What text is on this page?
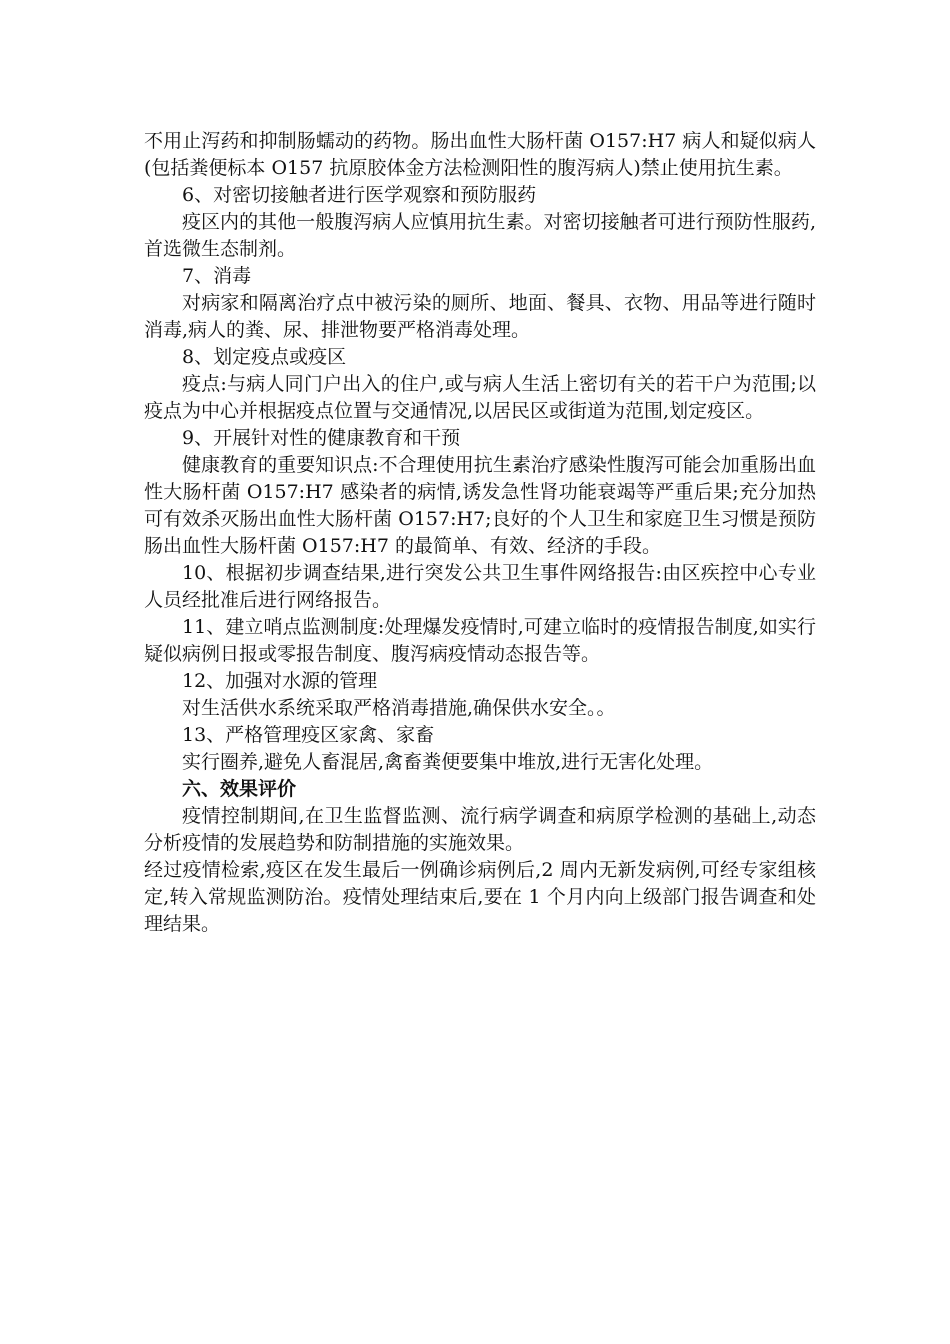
不用止泻药和抑制肠蠕动的药物。肠出血性大肠杆菌 O157:H7 病人和疑似病人(包括粪便标本 O157 抗原胶体金方法检测阳性的腹泻病人)禁止使用抗生素。

6、对密切接触者进行医学观察和预防服药

疫区内的其他一般腹泻病人应慎用抗生素。对密切接触者可进行预防性服药,首选微生态制剂。

7、消毒

对病家和隔离治疗点中被污染的厕所、地面、餐具、衣物、用品等进行随时消毒,病人的粪、尿、排泄物要严格消毒处理。

8、划定疫点或疫区

疫点:与病人同门户出入的住户,或与病人生活上密切有关的若干户为范围;以疫点为中心并根据疫点位置与交通情况,以居民区或街道为范围,划定疫区。

9、开展针对性的健康教育和干预

健康教育的重要知识点:不合理使用抗生素治疗感染性腹泻可能会加重肠出血性大肠杆菌 O157:H7 感染者的病情,诱发急性肾功能衰竭等严重后果;充分加热可有效杀灭肠出血性大肠杆菌 O157:H7;良好的个人卫生和家庭卫生习惯是预防肠出血性大肠杆菌 O157:H7 的最简单、有效、经济的手段。

10、根据初步调查结果,进行突发公共卫生事件网络报告:由区疾控中心专业人员经批准后进行网络报告。

11、建立哨点监测制度:处理爆发疫情时,可建立临时的疫情报告制度,如实行疑似病例日报或零报告制度、腹泻病疫情动态报告等。

12、加强对水源的管理

对生活供水系统采取严格消毒措施,确保供水安全。。

13、严格管理疫区家禽、家畜

实行圈养,避免人畜混居,禽畜粪便要集中堆放,进行无害化处理。

六、效果评价

疫情控制期间,在卫生监督监测、流行病学调查和病原学检测的基础上,动态分析疫情的发展趋势和防制措施的实施效果。

经过疫情检索,疫区在发生最后一例确诊病例后,2 周内无新发病例,可经专家组核定,转入常规监测防治。疫情处理结束后,要在 1 个月内向上级部门报告调查和处理结果。
